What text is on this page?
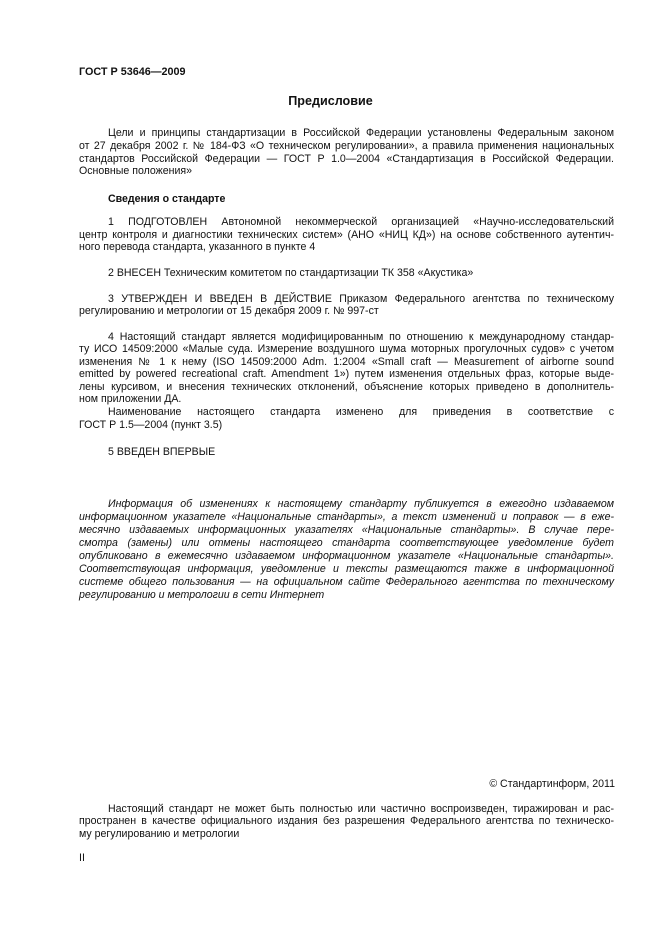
ГОСТ Р 53646—2009
Предисловие
Цели и принципы стандартизации в Российской Федерации установлены Федеральным законом
от 27 декабря 2002 г. № 184-ФЗ «О техническом регулировании», а правила применения национальных
стандартов Российской Федерации — ГОСТ Р 1.0—2004 «Стандартизация в Российской Федерации.
Основные положения»
Сведения о стандарте
1 ПОДГОТОВЛЕН Автономной некоммерческой организацией «Научно-исследовательский
центр контроля и диагностики технических систем» (АНО «НИЦ КД») на основе собственного аутентич-
ного перевода стандарта, указанного в пункте 4
2 ВНЕСЕН Техническим комитетом по стандартизации ТК 358 «Акустика»
3 УТВЕРЖДЕН И ВВЕДЕН В ДЕЙСТВИЕ Приказом Федерального агентства по техническому
регулированию и метрологии от 15 декабря 2009 г. № 997-ст
4 Настоящий стандарт является модифицированным по отношению к международному стандар-
ту ИСО 14509:2000 «Малые суда. Измерение воздушного шума моторных прогулочных судов» с учетом
изменения № 1 к нему (ISO 14509:2000 Adm. 1:2004 «Small craft — Measurement of airborne sound
emitted by powered recreational craft. Amendment 1») путем изменения отдельных фраз, которые выде-
лены курсивом, и внесения технических отклонений, объяснение которых приведено в дополнитель-
ном приложении ДА.
Наименование настоящего стандарта изменено для приведения в соответствие с
ГОСТ Р 1.5—2004 (пункт 3.5)
5 ВВЕДЕН ВПЕРВЫЕ
Информация об изменениях к настоящему стандарту публикуется в ежегодно издаваемом
информационном указателе «Национальные стандарты», а текст изменений и поправок — в еже-
месячно издаваемых информационных указателях «Национальные стандарты». В случае пере-
смотра (замены) или отмены настоящего стандарта соответствующее уведомление будет
опубликовано в ежемесячно издаваемом информационном указателе «Национальные стандарты».
Соответствующая информация, уведомление и тексты размещаются также в информационной
системе общего пользования — на официальном сайте Федерального агентства по техническому
регулированию и метрологии в сети Интернет
© Стандартинформ, 2011
Настоящий стандарт не может быть полностью или частично воспроизведен, тиражирован и рас-
пространен в качестве официального издания без разрешения Федерального агентства по техническо-
му регулированию и метрологии
II
